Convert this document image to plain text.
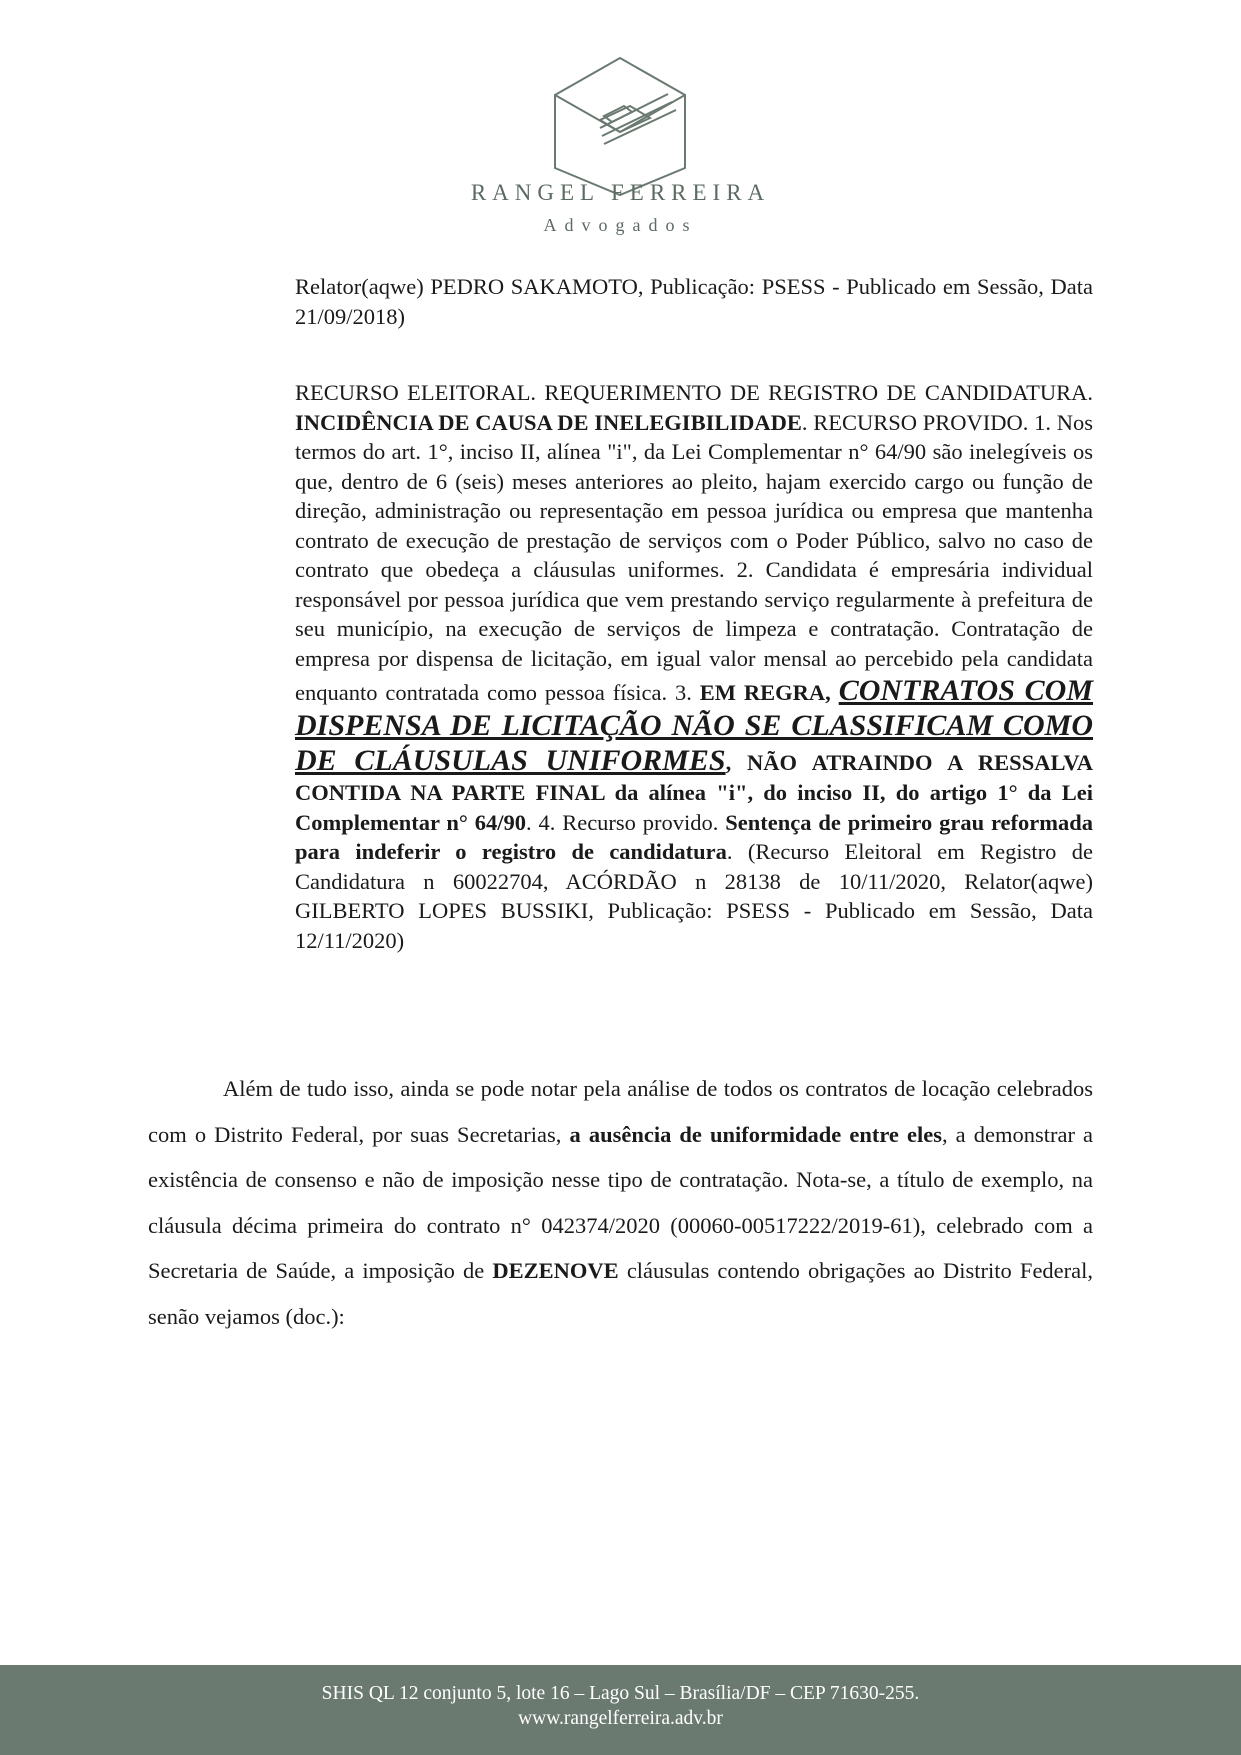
RANGEL FERREIRA
Advogados
Relator(aqwe) PEDRO SAKAMOTO, Publicação: PSESS - Publicado em Sessão, Data 21/09/2018)
RECURSO ELEITORAL. REQUERIMENTO DE REGISTRO DE CANDIDATURA. INCIDÊNCIA DE CAUSA DE INELEGIBILIDADE. RECURSO PROVIDO. 1. Nos termos do art. 1°, inciso II, alínea "i", da Lei Complementar n° 64/90 são inelegíveis os que, dentro de 6 (seis) meses anteriores ao pleito, hajam exercido cargo ou função de direção, administração ou representação em pessoa jurídica ou empresa que mantenha contrato de execução de prestação de serviços com o Poder Público, salvo no caso de contrato que obedeça a cláusulas uniformes. 2. Candidata é empresária individual responsável por pessoa jurídica que vem prestando serviço regularmente à prefeitura de seu município, na execução de serviços de limpeza e contratação. Contratação de empresa por dispensa de licitação, em igual valor mensal ao percebido pela candidata enquanto contratada como pessoa física. 3. EM REGRA, CONTRATOS COM DISPENSA DE LICITAÇÃO NÃO SE CLASSIFICAM COMO DE CLÁUSULAS UNIFORMES, NÃO ATRAINDO A RESSALVA CONTIDA NA PARTE FINAL da alínea "i", do inciso II, do artigo 1° da Lei Complementar n° 64/90. 4. Recurso provido. Sentença de primeiro grau reformada para indeferir o registro de candidatura. (Recurso Eleitoral em Registro de Candidatura n 60022704, ACÓRDÃO n 28138 de 10/11/2020, Relator(aqwe) GILBERTO LOPES BUSSIKI, Publicação: PSESS - Publicado em Sessão, Data 12/11/2020)
Além de tudo isso, ainda se pode notar pela análise de todos os contratos de locação celebrados com o Distrito Federal, por suas Secretarias, a ausência de uniformidade entre eles, a demonstrar a existência de consenso e não de imposição nesse tipo de contratação. Nota-se, a título de exemplo, na cláusula décima primeira do contrato n° 042374/2020 (00060-00517222/2019-61), celebrado com a Secretaria de Saúde, a imposição de DEZENOVE cláusulas contendo obrigações ao Distrito Federal, senão vejamos (doc.):
SHIS QL 12 conjunto 5, lote 16 – Lago Sul – Brasília/DF – CEP 71630-255.
www.rangelferreira.adv.br
